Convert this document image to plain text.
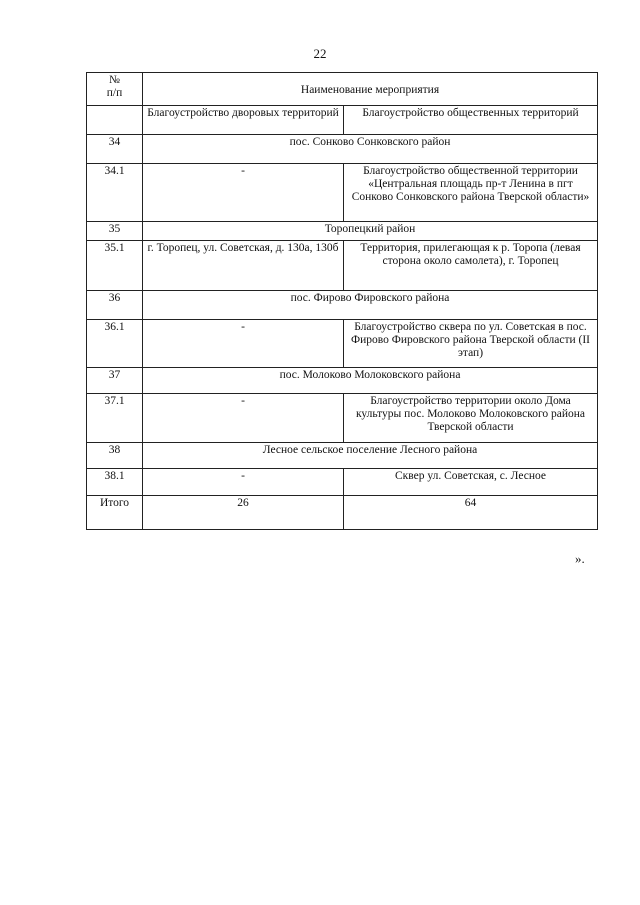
22
№
п/п	Наименование мероприятия	
	Благоустройство дворовых территорий	Благоустройство общественных территорий
34	пос. Сонково Сонковского район	
34.1	-	Благоустройство общественной территории «Центральная площадь пр-т Ленина в пгт Сонково Сонковского района Тверской области»
35	Торопецкий район	
35.1	г. Торопец, ул. Советская, д. 130а, 130б	Территория, прилегающая к р. Торопа (левая сторона около самолета), г. Торопец
36	пос. Фирово Фировского района	
36.1	-	Благоустройство сквера по ул. Советская в пос. Фирово Фировского района Тверской области (II этап)
37	пос. Молоково Молоковского района	
37.1	-	Благоустройство территории около Дома культуры пос. Молоково Молоковского района Тверской области
38	Лесное сельское поселение Лесного района	
38.1	-	Сквер ул. Советская, с. Лесное
Итого	26	64
».
